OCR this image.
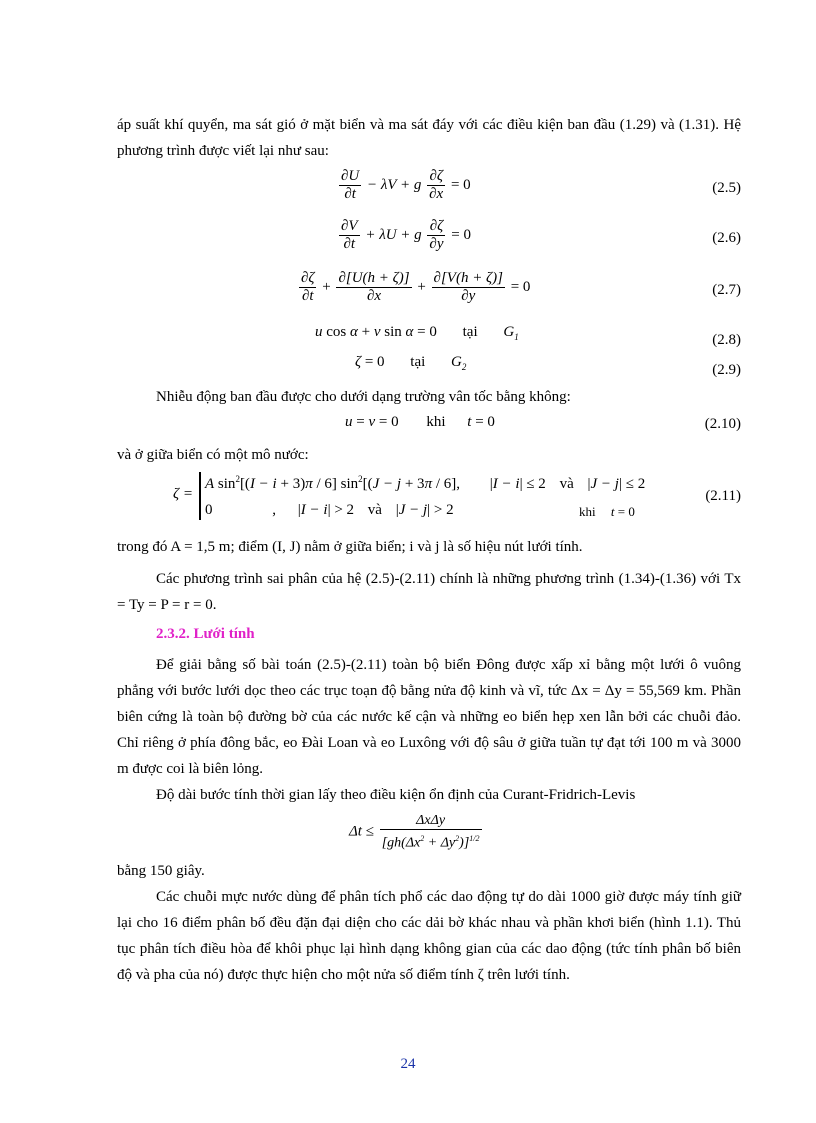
áp suất khí quyển, ma sát gió ở mặt biển và ma sát đáy với các điều kiện ban đầu (1.29) và (1.31). Hệ phương trình được viết lại như sau:

$\frac{\partial U}{\partial t} - \lambda V + g \frac{\partial\zeta}{\partial x} = 0$	(2.5)
$\frac{\partial V}{\partial t} + \lambda U + g \frac{\partial\zeta}{\partial y} = 0$	(2.6)
$\frac{\partial\zeta}{\partial t} + \frac{\partial[U(h + \zeta)]}{\partial x} + \frac{\partial[V(h + \zeta)]}{\partial y} = 0$	(2.7)
u cos α + v sin α = 0 tại $G_1$	(2.8)
ζ = 0 tại $G_2$	(2.9)

Nhiễu động ban đầu được cho dưới dạng trường vân tốc bằng không:

u = v = 0 khi t = 0	(2.10)

và ở giữa biển có một mô nước:

ζ =
A $\sin^2[(I - i + 3)\pi / 6] \sin^2[(J - j + 3\pi / 6]$, |I − i| ≤ 2 và |J − j| ≤ 2
0	, |I − i| > 2 và |J − j| > 2	khi t = 0
(2.11)

trong đó A = 1,5 m; điểm (I, J) nằm ở giữa biển; i và j là số hiệu nút lưới tính.

Các phương trình sai phân của hệ (2.5)-(2.11) chính là những phương trình (1.34)-(1.36) với Tx = Ty = P = r = 0.

2.3.2. Lưới tính

Để giải bằng số bài toán (2.5)-(2.11) toàn bộ biển Đông được xấp xỉ bằng một lưới ô vuông phẳng với bước lưới dọc theo các trục toạn độ bằng nửa độ kinh và vĩ, tức Δx = Δy = 55,569 km. Phần biên cứng là toàn bộ đường bờ của các nước kế cận và những eo biển hẹp xen lẫn bởi các chuỗi đảo. Chỉ riêng ở phía đông bắc, eo Đài Loan và eo Luxông với độ sâu ở giữa tuần tự đạt tới 100 m và 3000 m được coi là biên lỏng.

Độ dài bước tính thời gian lấy theo điều kiện ổn định của Curant-Fridrich-Levis

$\Delta t \le \frac{\text{ΔxΔy}}{[gh(\Delta x^2 + \Delta y^2)]^{1/2}}$

bằng 150 giây.

Các chuỗi mực nước dùng để phân tích phổ các dao động tự do dài 1000 giờ được máy tính giữ lại cho 16 điểm phân bố đều đặn đại diện cho các dải bờ khác nhau và phần khơi biển (hình 1.1). Thủ tục phân tích điều hòa để khôi phục lại hình dạng không gian của các dao động (tức tính phân bố biên độ và pha của nó) được thực hiện cho một nửa số điểm tính ζ trên lưới tính.

24
